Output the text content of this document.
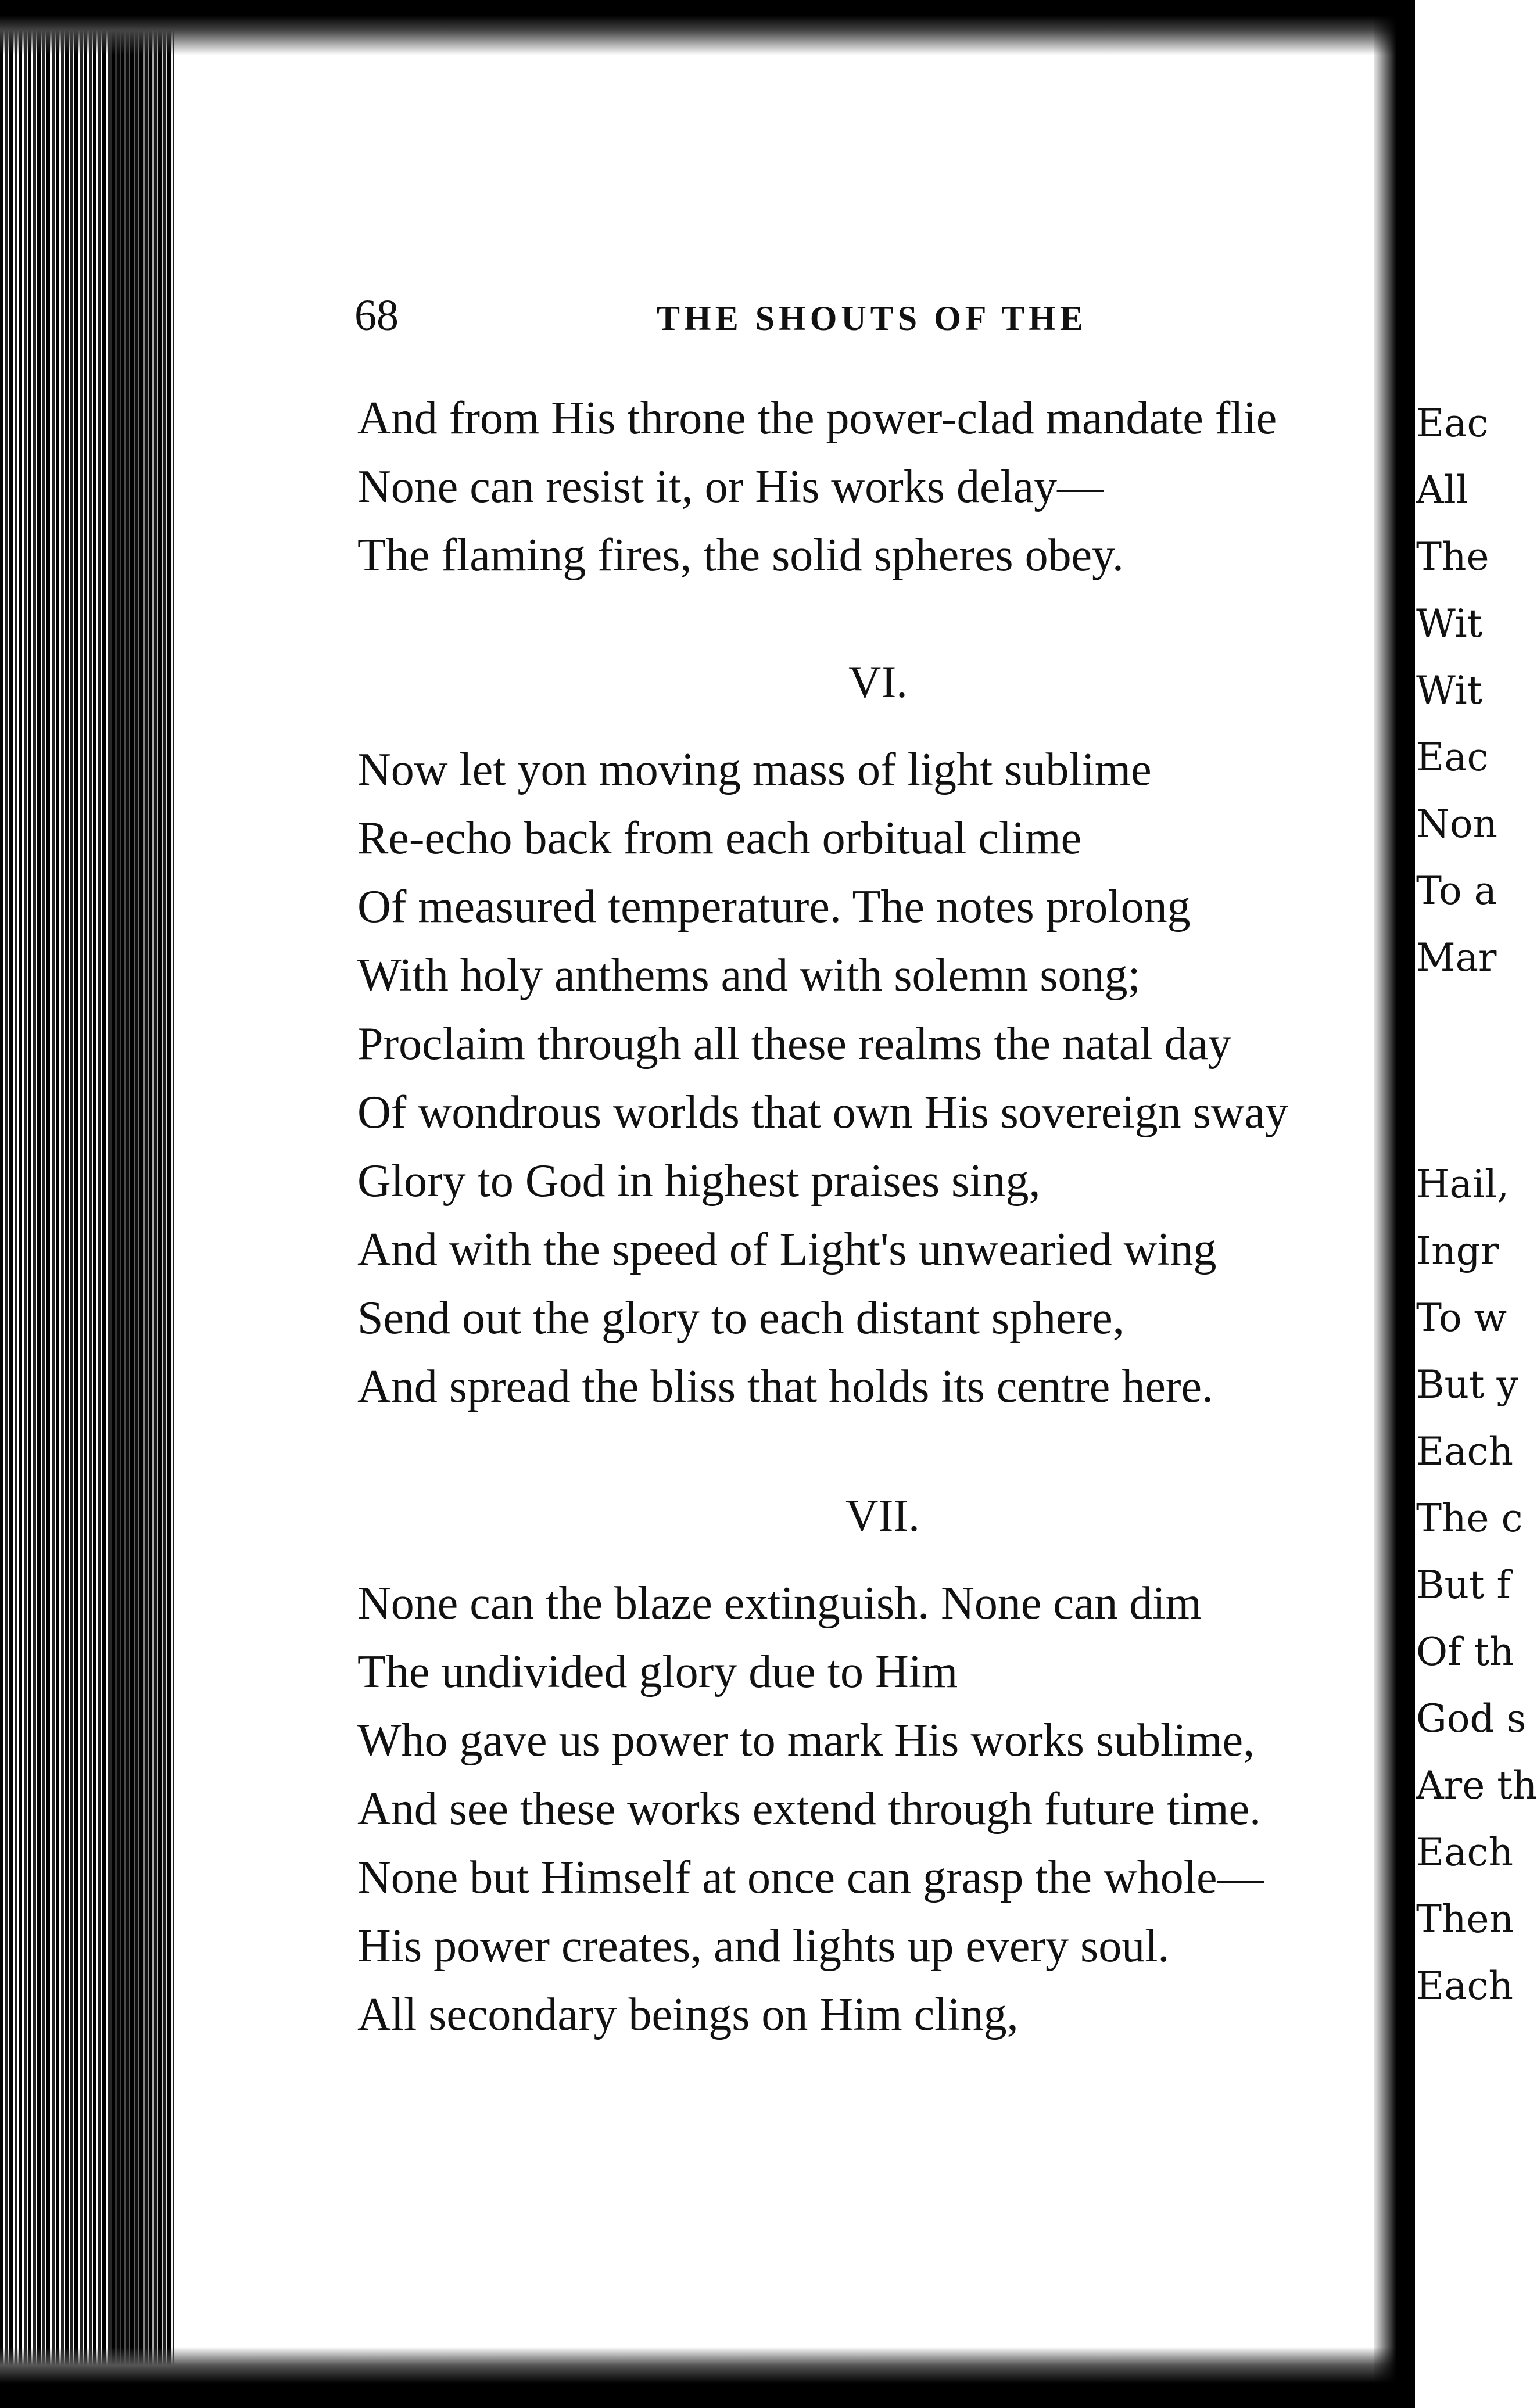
Eac
All
The
Wit
Wit
Eac
Non
To a
Mar
Hail,
Ingr
To w
But y
Each
The c
But f
Of th
God s
Are th
Each
Then
Each
68	THE SHOUTS OF THE
And from His throne the power-clad mandate flie
None can resist it, or His works delay—
The flaming fires, the solid spheres obey.
VI.
Now let yon moving mass of light sublime
Re-echo back from each orbitual clime
Of measured temperature. The notes prolong
With holy anthems and with solemn song;
Proclaim through all these realms the natal day
Of wondrous worlds that own His sovereign sway
Glory to God in highest praises sing,
And with the speed of Light's unwearied wing
Send out the glory to each distant sphere,
And spread the bliss that holds its centre here.
VII.
None can the blaze extinguish. None can dim
The undivided glory due to Him
Who gave us power to mark His works sublime,
And see these works extend through future time.
None but Himself at once can grasp the whole—
His power creates, and lights up every soul.
All secondary beings on Him cling,
